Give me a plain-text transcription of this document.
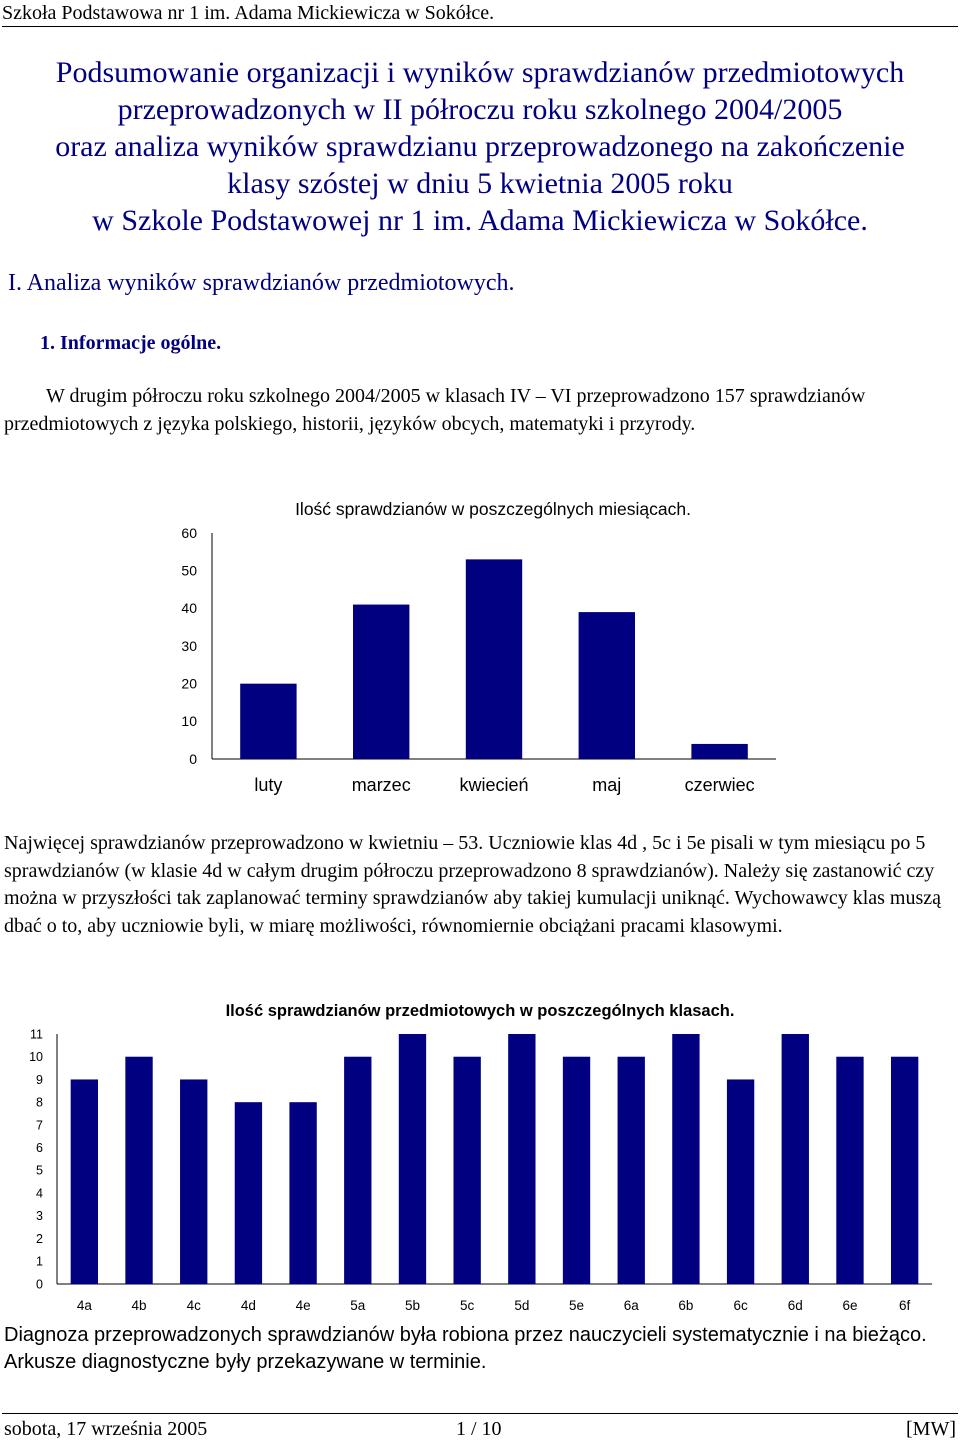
Szkoła Podstawowa nr 1 im. Adama Mickiewicza w Sokółce.
Podsumowanie organizacji i wyników sprawdzianów przedmiotowych
przeprowadzonych w II półroczu roku szkolnego 2004/2005
oraz analiza wyników sprawdzianu przeprowadzonego na zakończenie
klasy szóstej w dniu 5 kwietnia 2005 roku
w Szkole Podstawowej nr 1 im. Adama Mickiewicza w Sokółce.
I. Analiza wyników sprawdzianów przedmiotowych.
1. Informacje ogólne.
W drugim półroczu roku szkolnego 2004/2005 w klasach IV – VI przeprowadzono 157 sprawdzianów przedmiotowych z języka polskiego, historii, języków obcych, matematyki i przyrody.
Ilość sprawdzianów w poszczególnych miesiącach.
0
10
20
30
40
50
60
luty	marzec	kwiecień	maj	czerwiec
Najwięcej sprawdzianów przeprowadzono w kwietniu – 53. Uczniowie klas 4d , 5c i 5e pisali w tym miesiącu po 5 sprawdzianów (w klasie 4d w całym drugim półroczu przeprowadzono 8 sprawdzianów). Należy się zastanowić czy można w przyszłości tak zaplanować terminy sprawdzianów aby takiej kumulacji uniknąć. Wychowawcy klas muszą dbać o to, aby uczniowie byli, w miarę możliwości, równomiernie obciążani pracami klasowymi.
Ilość sprawdzianów przedmiotowych w poszczególnych klasach.
0
1
2
3
4
5
6
7
8
9
10
11
4a	4b	4c	4d	4e	5a	5b	5c	5d	5e	6a	6b	6c	6d	6e	6f
Diagnoza przeprowadzonych sprawdzianów była robiona przez nauczycieli systematycznie i na bieżąco. Arkusze diagnostyczne były przekazywane w terminie.
sobota, 17 września 2005	1 / 10	[MW]
